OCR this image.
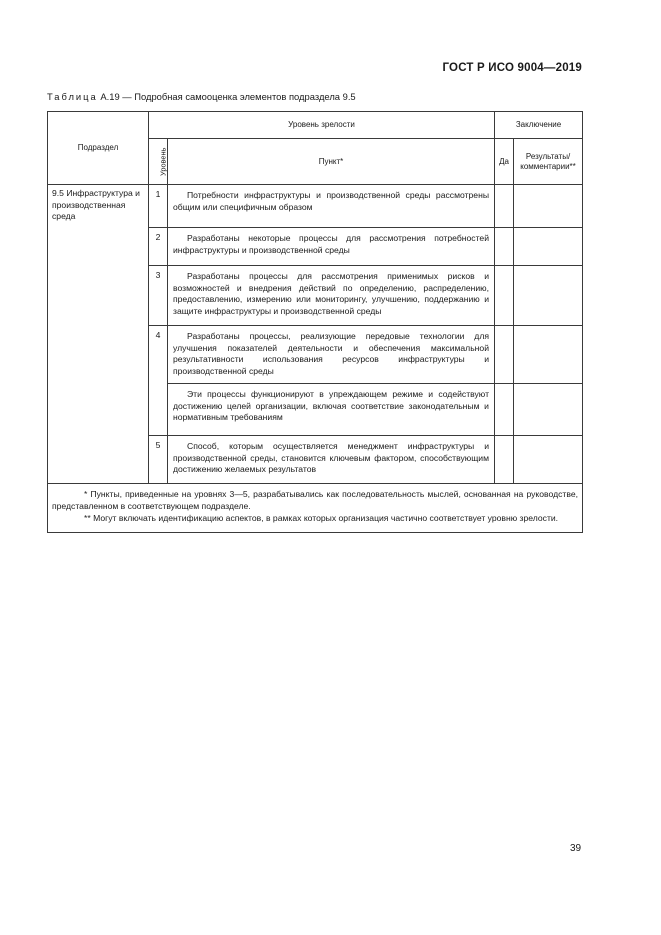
ГОСТ Р ИСО 9004—2019
Таблица А.19 — Подробная самооценка элементов подраздела 9.5
Подраздел	Уровень зрелости		Заключение	
	Уровень	Пункт*	Да	Результаты/ комментарии**
9.5 Инфраструктура и производственная среда	1	Потребности инфраструктуры и производственной среды рассмотрены общим или специфичным образом		

	2	Разработаны некоторые процессы для рассмотрения потребностей инфраструктуры и производственной среды		

	3	Разработаны процессы для рассмотрения применимых рисков и возможностей и внедрения действий по определению, распределению, предоставлению, измерению или мониторингу, улучшению, поддержанию и защите инфраструктуры и производственной среды		

	4	Разработаны процессы, реализующие передовые технологии для улучшения показателей деятельности и обеспечения максимальной результативности использования ресурсов инфраструктуры и производственной среды		

		Эти процессы функционируют в упреждающем режиме и содействуют достижению целей организации, включая соответствие законодательным и нормативным требованиям		

	5	Способ, которым осуществляется менеджмент инфраструктуры и производственной среды, становится ключевым фактором, способствующим достижению желаемых результатов		

* Пункты, приведенные на уровнях 3—5, разрабатывались как последовательность мыслей, основанная на руководстве, представленном в соответствующем подразделе.

** Могут включать идентификацию аспектов, в рамках которых организация частично соответствует уровню зрелости.				

39
